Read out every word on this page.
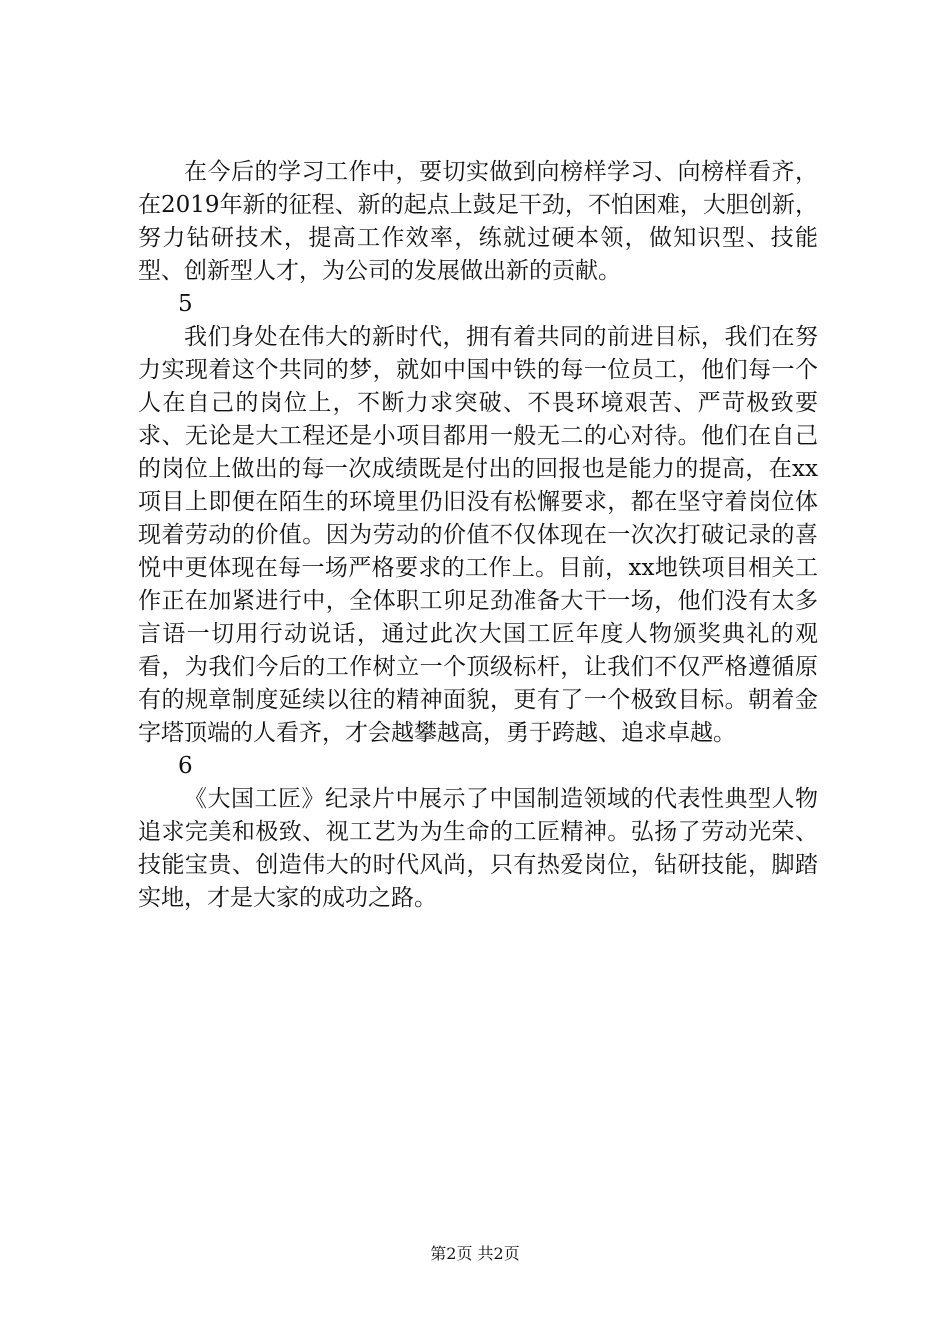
在今后的学习工作中，要切实做到向榜样学习、向榜样看齐，在2019年新的征程、新的起点上鼓足干劲，不怕困难，大胆创新，努力钻研技术，提高工作效率，练就过硬本领，做知识型、技能型、创新型人才，为公司的发展做出新的贡献。

5

我们身处在伟大的新时代，拥有着共同的前进目标，我们在努力实现着这个共同的梦，就如中国中铁的每一位员工，他们每一个人在自己的岗位上，不断力求突破、不畏环境艰苦、严苛极致要求、无论是大工程还是小项目都用一般无二的心对待。他们在自己的岗位上做出的每一次成绩既是付出的回报也是能力的提高，在xx项目上即便在陌生的环境里仍旧没有松懈要求，都在坚守着岗位体现着劳动的价值。因为劳动的价值不仅体现在一次次打破记录的喜悦中更体现在每一场严格要求的工作上。目前，xx地铁项目相关工作正在加紧进行中，全体职工卯足劲准备大干一场，他们没有太多言语一切用行动说话，通过此次大国工匠年度人物颁奖典礼的观看，为我们今后的工作树立一个顶级标杆，让我们不仅严格遵循原有的规章制度延续以往的精神面貌，更有了一个极致目标。朝着金字塔顶端的人看齐，才会越攀越高，勇于跨越、追求卓越。

6

《大国工匠》纪录片中展示了中国制造领域的代表性典型人物追求完美和极致、视工艺为为生命的工匠精神。弘扬了劳动光荣、技能宝贵、创造伟大的时代风尚，只有热爱岗位，钻研技能，脚踏实地，才是大家的成功之路。

第2页 共2页
